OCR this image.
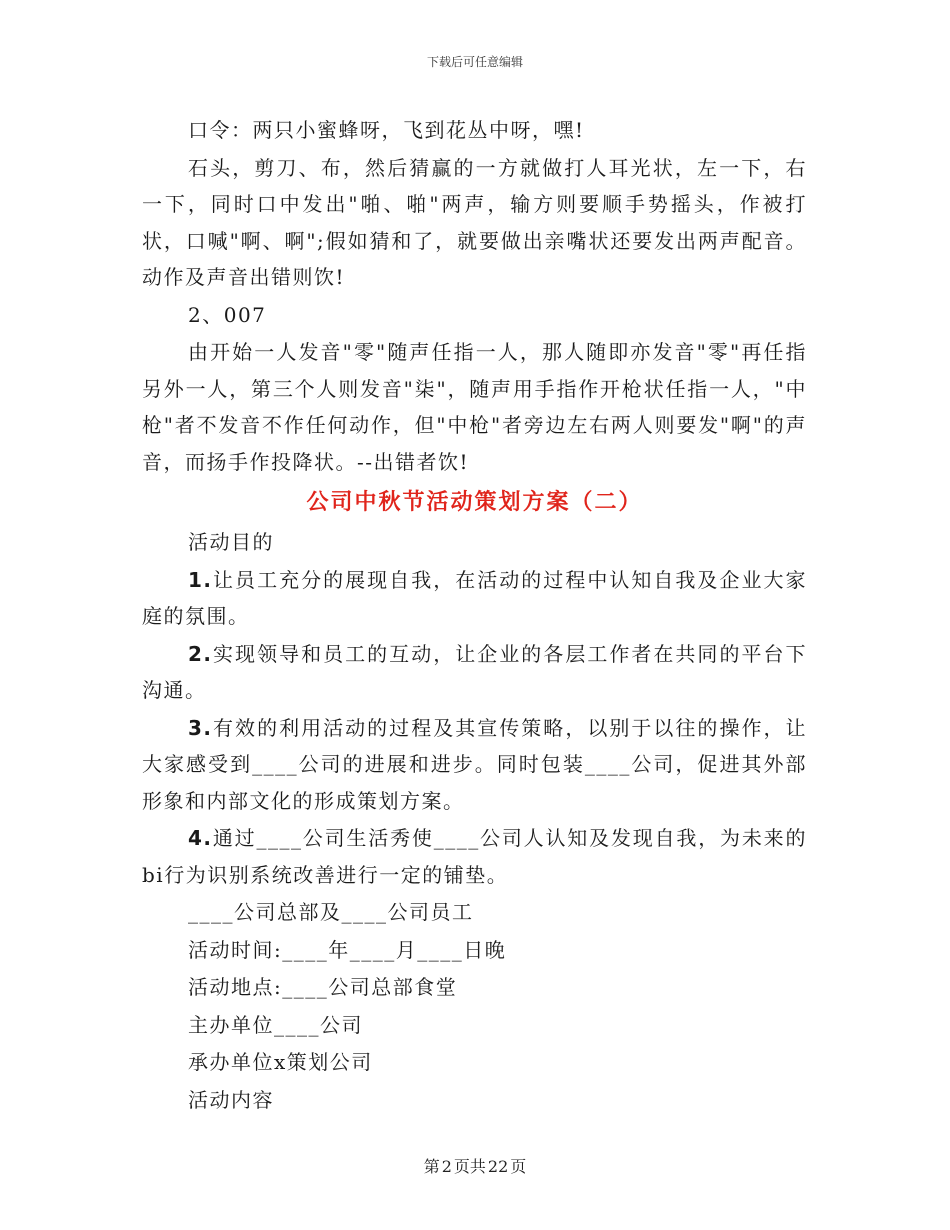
下载后可任意编辑

口令：两只小蜜蜂呀，飞到花丛中呀，嘿!

石头，剪刀、布，然后猜赢的一方就做打人耳光状，左一下，右一下，同时口中发出"啪、啪"两声，输方则要顺手势摇头，作被打状，口喊"啊、啊";假如猜和了，就要做出亲嘴状还要发出两声配音。动作及声音出错则饮!

2、007

由开始一人发音"零"随声任指一人，那人随即亦发音"零"再任指另外一人，第三个人则发音"柒"，随声用手指作开枪状任指一人，"中枪"者不发音不作任何动作，但"中枪"者旁边左右两人则要发"啊"的声音，而扬手作投降状。--出错者饮!

公司中秋节活动策划方案（二）

活动目的

1.让员工充分的展现自我，在活动的过程中认知自我及企业大家庭的氛围。

2.实现领导和员工的互动，让企业的各层工作者在共同的平台下沟通。

3.有效的利用活动的过程及其宣传策略，以别于以往的操作，让大家感受到____公司的进展和进步。同时包装____公司，促进其外部形象和内部文化的形成策划方案。

4.通过____公司生活秀使____公司人认知及发现自我，为未来的bi行为识别系统改善进行一定的铺垫。

____公司总部及____公司员工

活动时间:____年____月____日晚

活动地点:____公司总部食堂

主办单位____公司

承办单位x策划公司

活动内容

第 2 页共 22 页
